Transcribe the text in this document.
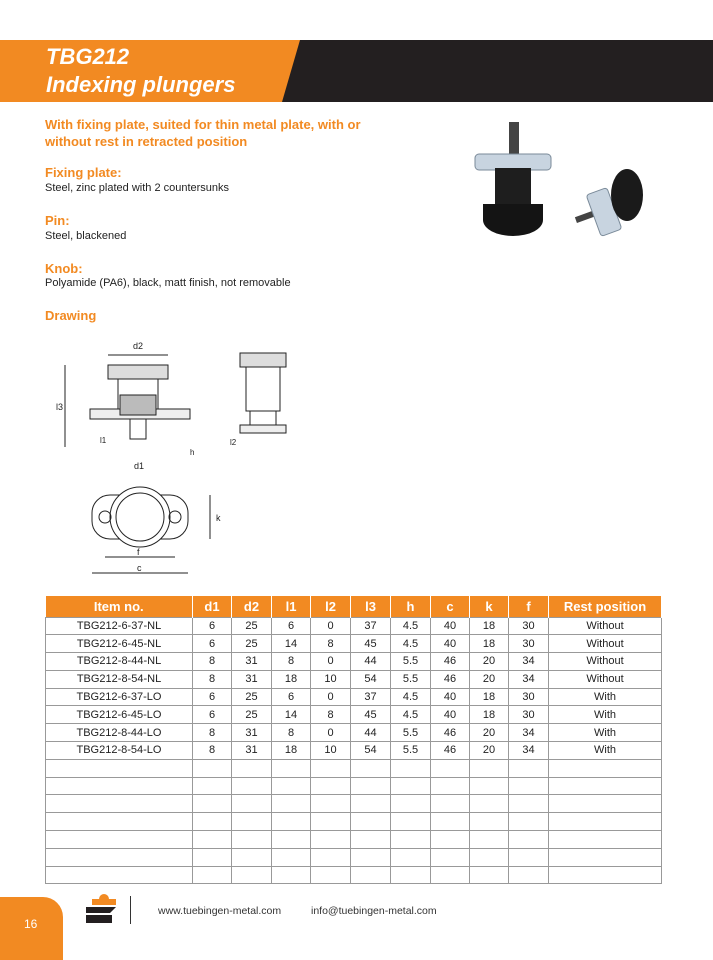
TBG212
Indexing plungers
With fixing plate, suited for thin metal plate, with or without rest in retracted position
Fixing plate:
Steel, zinc plated with 2 countersunks
Pin:
Steel, blackened
Knob:
Polyamide (PA6), black, matt finish, not removable
Drawing
d2
l3
l1
h
d1
l2
k
f
c
Item no.	d1	d2	l1	l2	l3	h	c	k	f	Rest position
TBG212-6-37-NL	6	25	6	0	37	4.5	40	18	30	Without
TBG212-6-45-NL	6	25	14	8	45	4.5	40	18	30	Without
TBG212-8-44-NL	8	31	8	0	44	5.5	46	20	34	Without
TBG212-8-54-NL	8	31	18	10	54	5.5	46	20	34	Without
TBG212-6-37-LO	6	25	6	0	37	4.5	40	18	30	With
TBG212-6-45-LO	6	25	14	8	45	4.5	40	18	30	With
TBG212-8-44-LO	8	31	8	0	44	5.5	46	20	34	With
TBG212-8-54-LO	8	31	18	10	54	5.5	46	20	34	With

16
www.tuebingen-metal.com	info@tuebingen-metal.com
